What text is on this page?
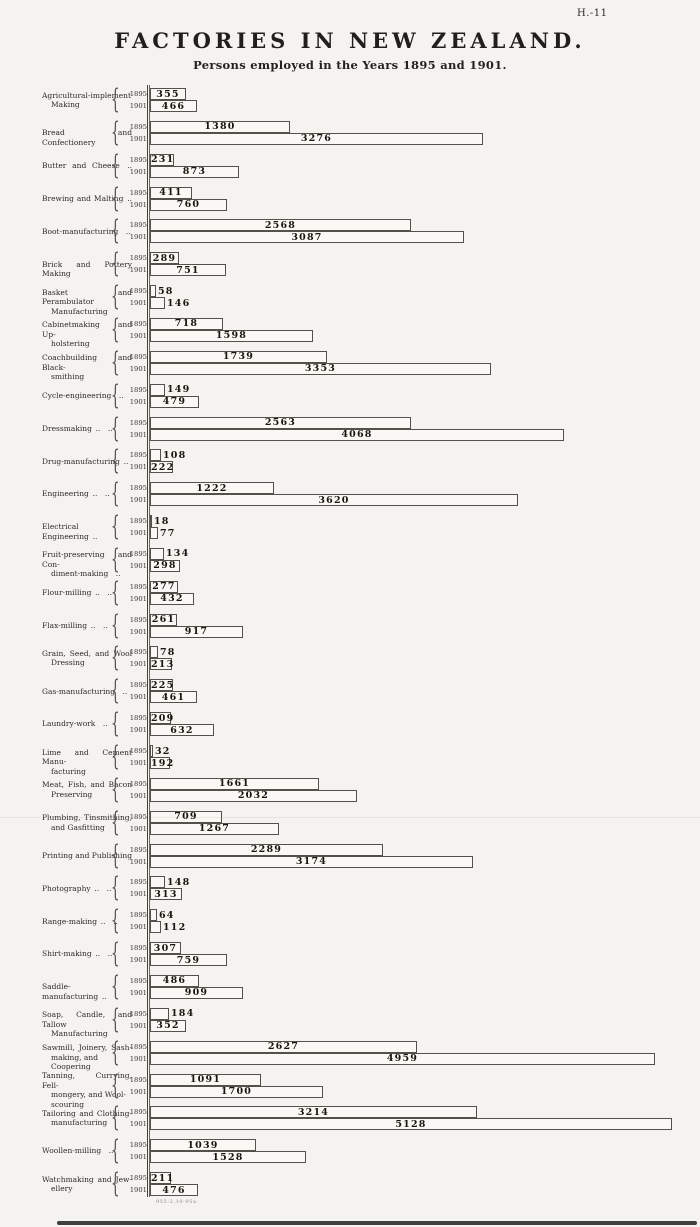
H.-11
FACTORIES IN NEW ZEALAND.
Persons employed in the Years 1895 and 1901.
Agricultural-implement
Making	{	1895 355
1901	466
Bread and Confectionery {	1895	1380
1901	3276
Butter and Cheese  ..
{	1895 231
1901	873
Brewing and Malting ..
{	1895	411
1901	760
Boot-manufacturing  ..
{	1895	2568
1901	3087
Brick and Pottery Making	{	1895 289
1901	751
Basket and Perambulator
Manufacturing {	1895 58
1901 146
Cabinetmaking and Up-
holstering {	1895	718
1901	1598
Coachbuilding and Black-
smithing {	1895	1739
1901	3353
Cycle-engineering  ..
{	1895 149
1901	479
Dressmaking ..  ..
{	1895	2563
1901	4068
Drug-manufacturing ..
{	1895 108
1901 222
Engineering ..  .. {	1895	1222
1901	3620
Electrical Engineering .. {	1895 18
1901 77
Fruit-preserving and Con-
diment-making  ..
{	1895 134
1901 298
Flour-milling ..  ..
{	1895 277
1901	432
Flax-milling ..  .. {	1895 261
1901	917
Grain, Seed, and Wool
Dressing {	1895 78
1901 213
Gas-manufacturing  ..
{	1895 225
1901	461
Laundry-work  .. {	1895 209
1901	632
Lime and Cement Manu-
facturing {	1895 32
1901 192
Meat, Fish, and Bacon
Preserving {	1895	1661
1901	2032
Plumbing, Tinsmithing,
and Gasfitting {	1895	709
1901	1267
Printing and Publishing
{	1895	2289
1901	3174
Photography ..  .. {	1895 148
1901 313
Range-making ..  ..
{	1895 64
1901 112
Shirt-making ..  ..
{	1895 307
1901	759
Saddle-manufacturing .. {	1895	486
1901	909
Soap, Candle, and Tallow
Manufacturing {	1895	184
1901 352
Sawmill, Joinery, Sash-
making, and Coopering {	1895	2627
1901	4959
Tanning, Currying, Fell-
mongery, and Wool-
scouring
{	1895	1091
1901	1700
Tailoring and Clothing-
manufacturing {	1895	3214
1901	5128
Woollen-milling  ..
{	1895	1039
1901	1528
Watchmaking and Jew-
ellery	{	1895 211
1901	476
955-2.10-95a
